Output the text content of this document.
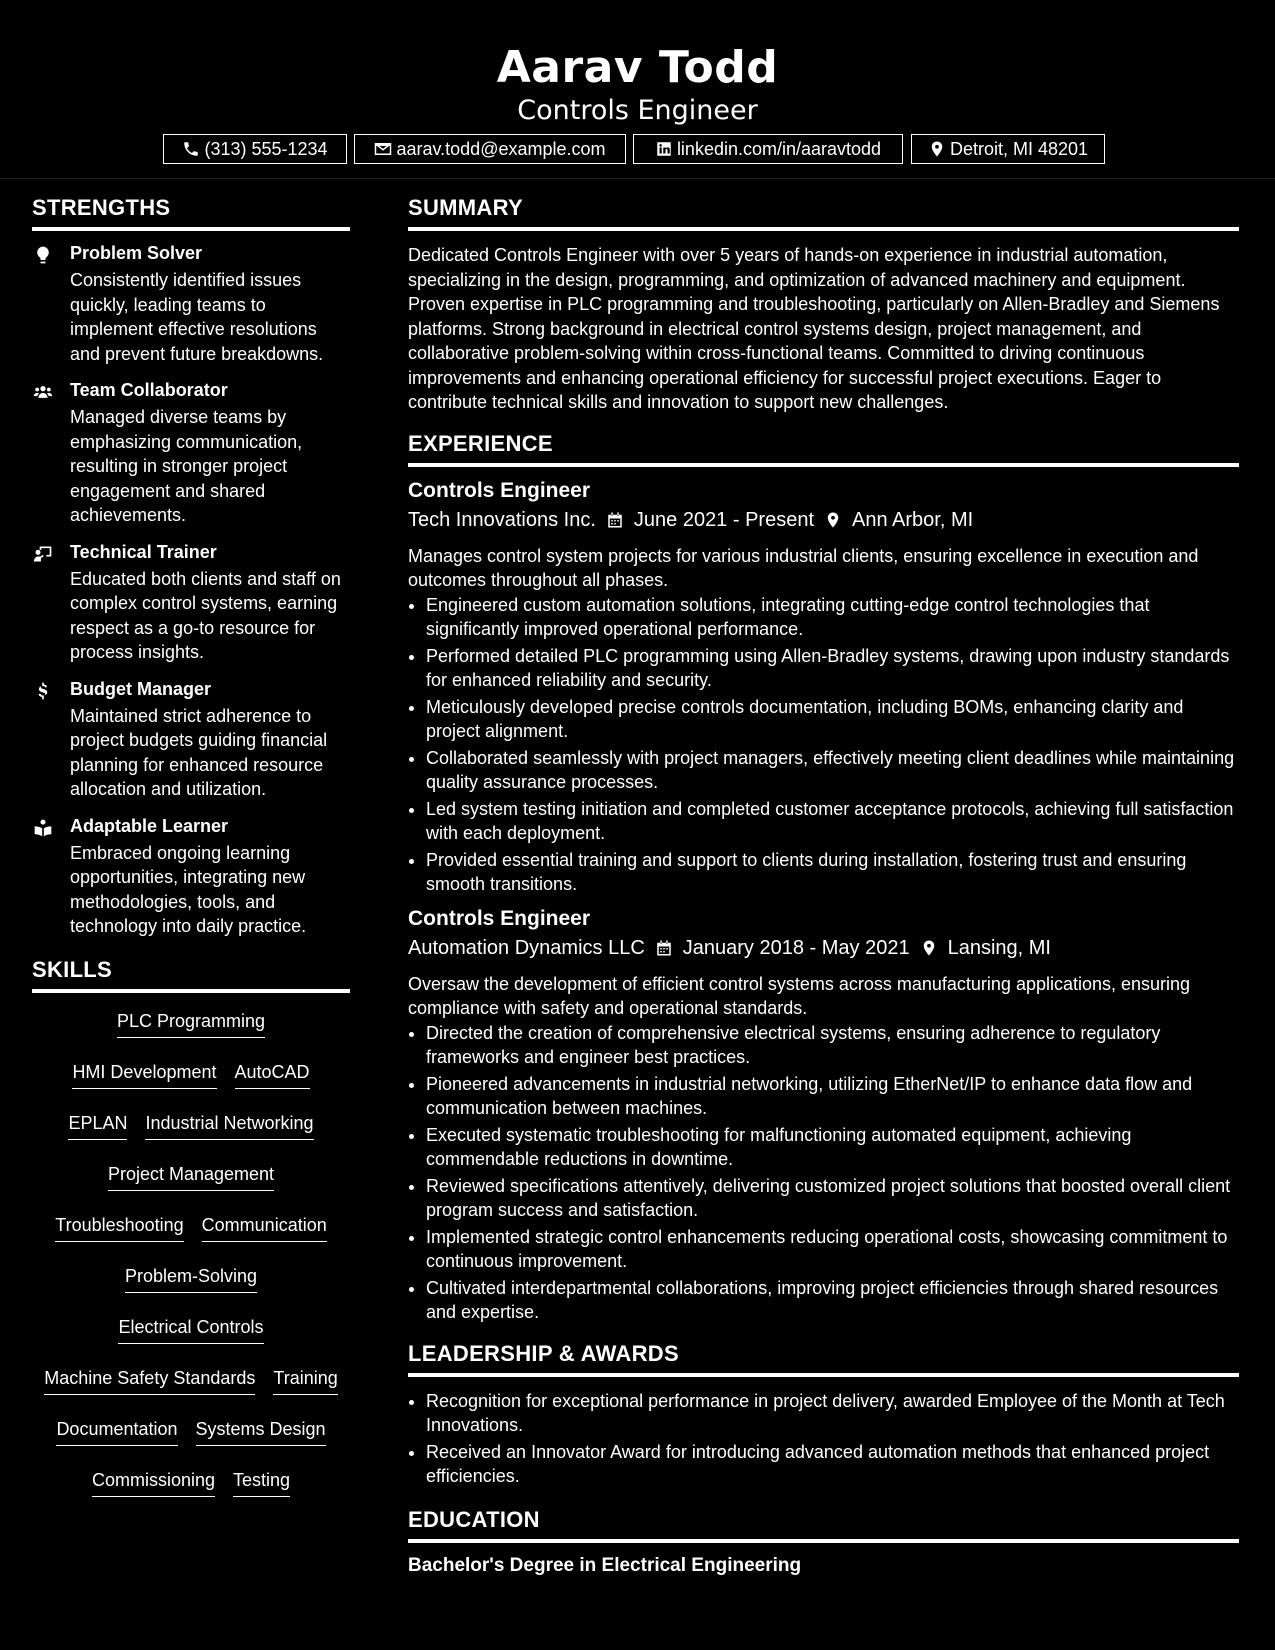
Aarav Todd
Controls Engineer
(313) 555-1234	aarav.todd@example.com	linkedin.com/in/aaravtodd	Detroit, MI 48201
STRENGTHS
Problem Solver
Consistently identified issues quickly, leading teams to implement effective resolutions and prevent future breakdowns.
Team Collaborator
Managed diverse teams by emphasizing communication, resulting in stronger project engagement and shared achievements.
Technical Trainer
Educated both clients and staff on complex control systems, earning respect as a go-to resource for process insights.
Budget Manager
Maintained strict adherence to project budgets guiding financial planning for enhanced resource allocation and utilization.
Adaptable Learner
Embraced ongoing learning opportunities, integrating new methodologies, tools, and technology into daily practice.
SKILLS
PLC Programming
HMI Development AutoCAD
EPLAN Industrial Networking
Project Management
Troubleshooting Communication
Problem-Solving
Electrical Controls
Machine Safety Standards Training
Documentation Systems Design
Commissioning Testing
SUMMARY
Dedicated Controls Engineer with over 5 years of hands-on experience in industrial automation, specializing in the design, programming, and optimization of advanced machinery and equipment. Proven expertise in PLC programming and troubleshooting, particularly on Allen-Bradley and Siemens platforms. Strong background in electrical control systems design, project management, and collaborative problem-solving within cross-functional teams. Committed to driving continuous improvements and enhancing operational efficiency for successful project executions. Eager to contribute technical skills and innovation to support new challenges.
EXPERIENCE
Controls Engineer
Tech Innovations Inc. June 2021 - Present Ann Arbor, MI
Manages control system projects for various industrial clients, ensuring excellence in execution and outcomes throughout all phases.
• Engineered custom automation solutions, integrating cutting-edge control technologies that significantly improved operational performance.
• Performed detailed PLC programming using Allen-Bradley systems, drawing upon industry standards for enhanced reliability and security.
• Meticulously developed precise controls documentation, including BOMs, enhancing clarity and project alignment.
• Collaborated seamlessly with project managers, effectively meeting client deadlines while maintaining quality assurance processes.
• Led system testing initiation and completed customer acceptance protocols, achieving full satisfaction with each deployment.
• Provided essential training and support to clients during installation, fostering trust and ensuring smooth transitions.
Controls Engineer
Automation Dynamics LLC January 2018 - May 2021 Lansing, MI
Oversaw the development of efficient control systems across manufacturing applications, ensuring compliance with safety and operational standards.
• Directed the creation of comprehensive electrical systems, ensuring adherence to regulatory frameworks and engineer best practices.
• Pioneered advancements in industrial networking, utilizing EtherNet/IP to enhance data flow and communication between machines.
• Executed systematic troubleshooting for malfunctioning automated equipment, achieving commendable reductions in downtime.
• Reviewed specifications attentively, delivering customized project solutions that boosted overall client program success and satisfaction.
• Implemented strategic control enhancements reducing operational costs, showcasing commitment to continuous improvement.
• Cultivated interdepartmental collaborations, improving project efficiencies through shared resources and expertise.
LEADERSHIP & AWARDS
• Recognition for exceptional performance in project delivery, awarded Employee of the Month at Tech Innovations.
• Received an Innovator Award for introducing advanced automation methods that enhanced project efficiencies.
EDUCATION
Bachelor's Degree in Electrical Engineering
